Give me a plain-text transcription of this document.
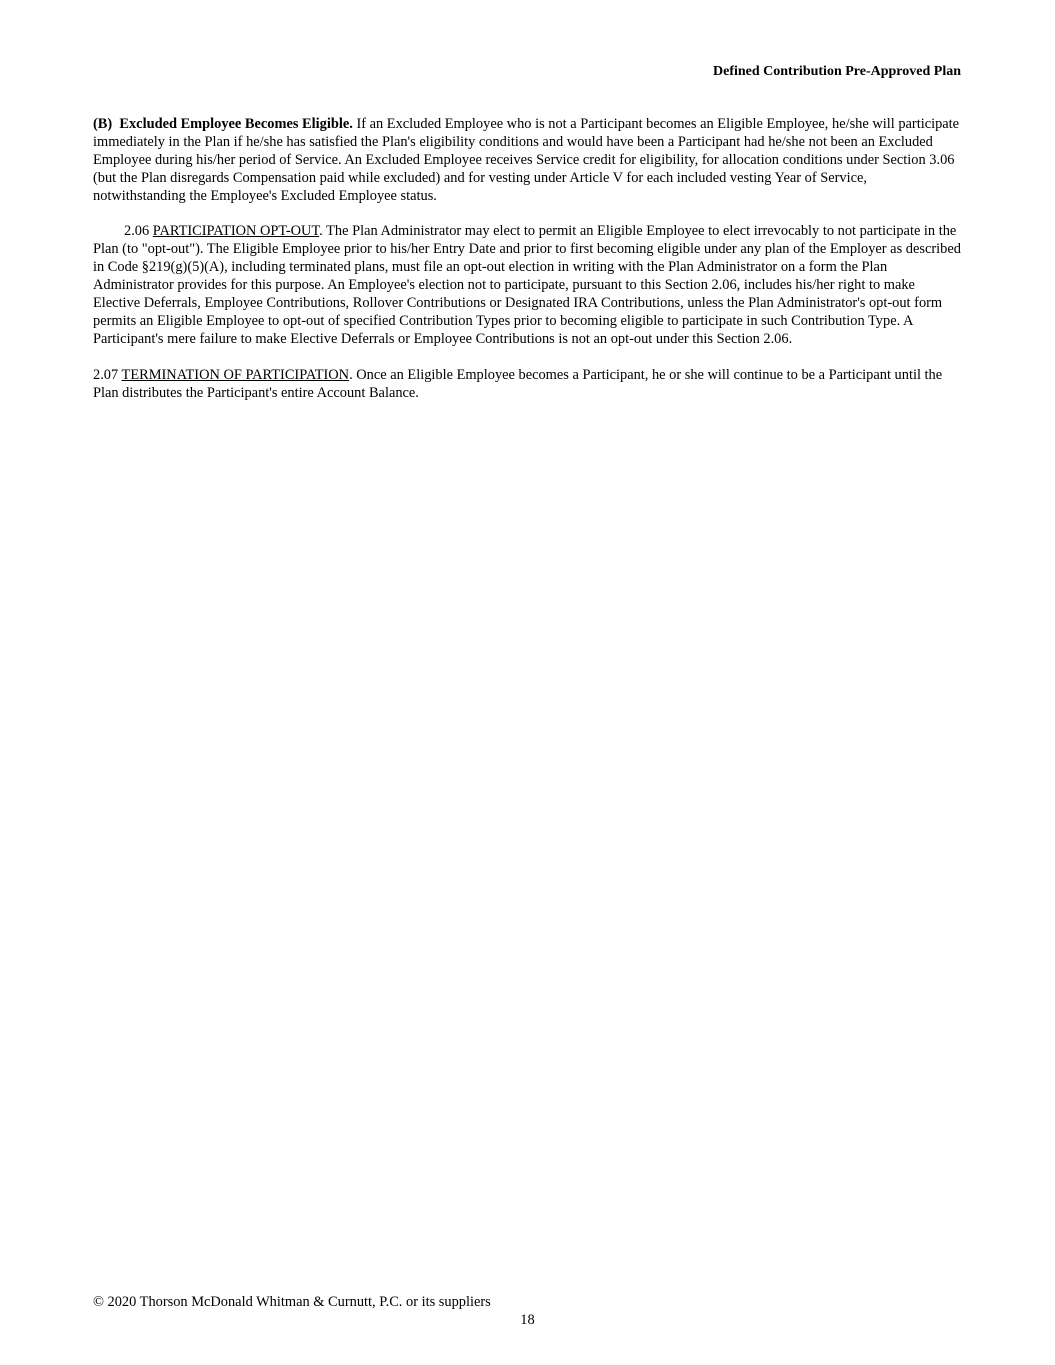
Defined Contribution Pre-Approved Plan

(B) Excluded Employee Becomes Eligible. If an Excluded Employee who is not a Participant becomes an Eligible Employee, he/she will participate immediately in the Plan if he/she has satisfied the Plan's eligibility conditions and would have been a Participant had he/she not been an Excluded Employee during his/her period of Service. An Excluded Employee receives Service credit for eligibility, for allocation conditions under Section 3.06 (but the Plan disregards Compensation paid while excluded) and for vesting under Article V for each included vesting Year of Service, notwithstanding the Employee's Excluded Employee status.

2.06 PARTICIPATION OPT-OUT. The Plan Administrator may elect to permit an Eligible Employee to elect irrevocably to not participate in the Plan (to "opt-out"). The Eligible Employee prior to his/her Entry Date and prior to first becoming eligible under any plan of the Employer as described in Code §219(g)(5)(A), including terminated plans, must file an opt-out election in writing with the Plan Administrator on a form the Plan Administrator provides for this purpose. An Employee's election not to participate, pursuant to this Section 2.06, includes his/her right to make Elective Deferrals, Employee Contributions, Rollover Contributions or Designated IRA Contributions, unless the Plan Administrator's opt-out form permits an Eligible Employee to opt-out of specified Contribution Types prior to becoming eligible to participate in such Contribution Type. A Participant's mere failure to make Elective Deferrals or Employee Contributions is not an opt-out under this Section 2.06.

2.07 TERMINATION OF PARTICIPATION. Once an Eligible Employee becomes a Participant, he or she will continue to be a Participant until the Plan distributes the Participant's entire Account Balance.

© 2020 Thorson McDonald Whitman & Curnutt, P.C. or its suppliers
18
